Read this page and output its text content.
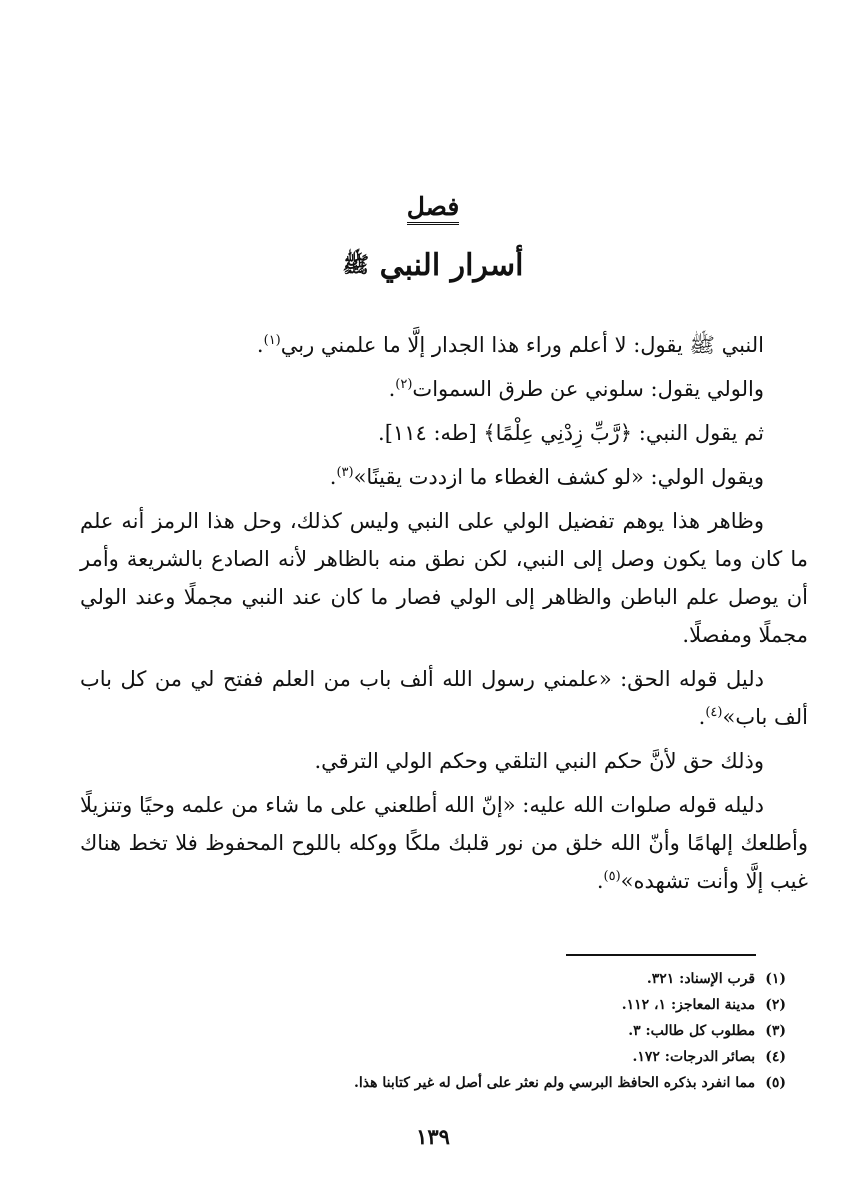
فصل
أسرار النبي ﷺ

النبي ﷺ يقول: لا أعلم وراء هذا الجدار إلَّا ما علمني ربي$^{(١)}$.

والولي يقول: سلوني عن طرق السموات$^{(٢)}$.

ثم يقول النبي: ﴿رَّبِّ زِدْنِي عِلْمًا﴾ [طه: ١١٤].

ويقول الولي: «لو كشف الغطاء ما ازددت يقينًا»$^{(٣)}$.

وظاهر هذا يوهم تفضيل الولي على النبي وليس كذلك، وحل هذا الرمز أنه علم ما كان وما يكون وصل إلى النبي، لكن نطق منه بالظاهر لأنه الصادع بالشريعة وأمر أن يوصل علم الباطن والظاهر إلى الولي فصار ما كان عند النبي مجملًا وعند الولي مجملًا ومفصلًا.

دليل قوله الحق: «علمني رسول الله ألف باب من العلم ففتح لي من كل باب ألف باب»$^{(٤)}$.

وذلك حق لأنَّ حكم النبي التلقي وحكم الولي الترقي.

دليله قوله صلوات الله عليه: «إنّ الله أطلعني على ما شاء من علمه وحيًا وتنزيلًا وأطلعك إلهامًا وأنّ الله خلق من نور قلبك ملكًا ووكله باللوح المحفوظ فلا تخط هناك غيب إلَّا وأنت تشهده»$^{(٥)}$.

(١) قرب الإسناد: ٣٢١.
(٢) مدينة المعاجز: ١، ١١٢.
(٣) مطلوب كل طالب: ٣.
(٤) بصائر الدرجات: ١٧٢.
(٥) مما انفرد بذكره الحافظ البرسي ولم نعثر على أصل له غير كتابنا هذا.
١٣٩
